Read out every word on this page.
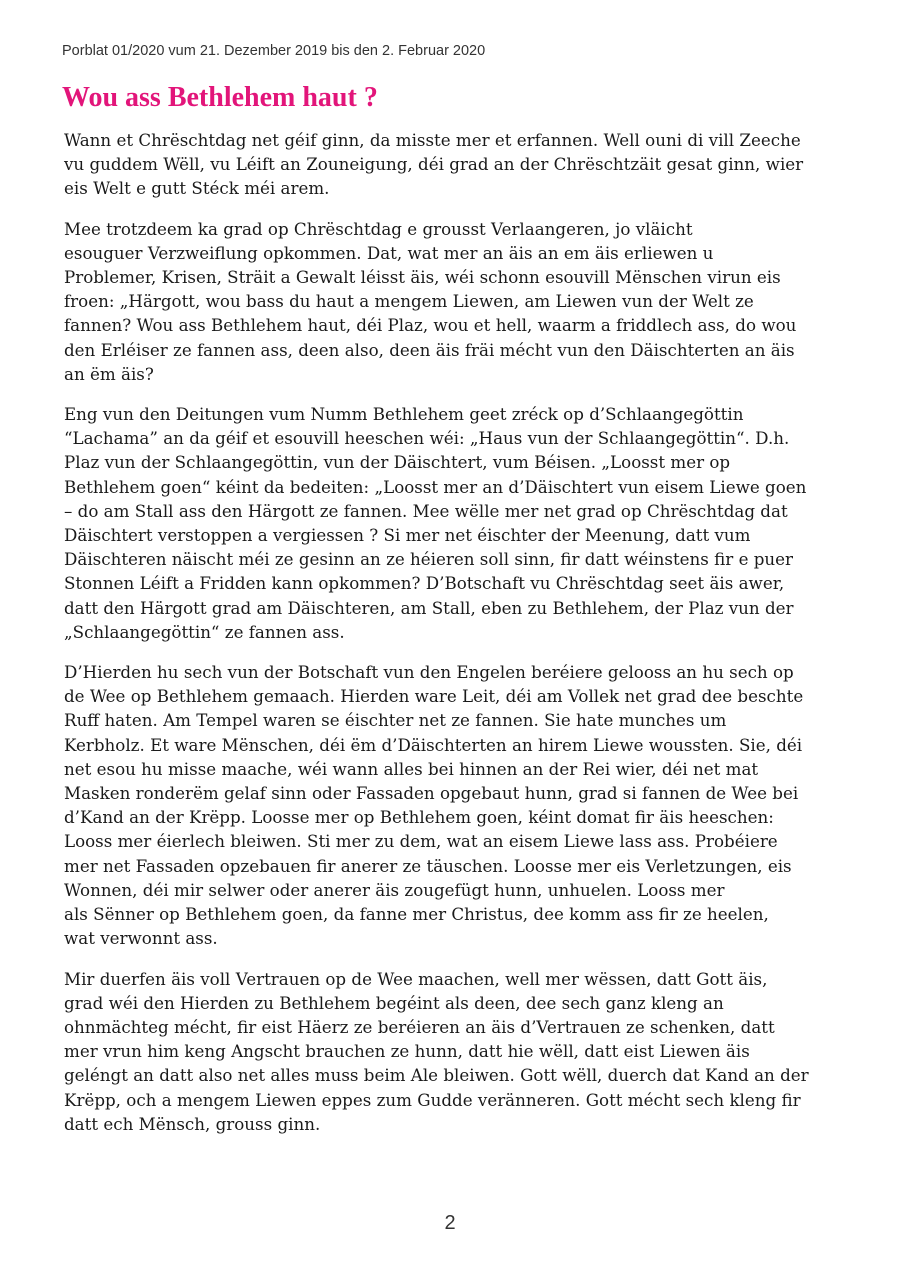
Porblat 01/2020 vum 21. Dezember 2019 bis den 2. Februar 2020
Wou ass Bethlehem haut ?

Wann et Chrëschtdag net géif ginn, da misste mer et erfannen. Well ouni di vill Zeeche
vu guddem Wëll, vu Léift an Zouneigung, déi grad an der Chrëschtzäit gesat ginn, wier
eis Welt e gutt Stéck méi arem.

Mee trotzdeem ka grad op Chrëschtdag e grousst Verlaangeren, jo vläicht
esouguer Verzweiflung opkommen. Dat, wat mer an äis an em äis erliewen u
Problemer, Krisen, Sträit a Gewalt léisst äis, wéi schonn esouvill Mënschen virun eis
froen: „Härgott, wou bass du haut a mengem Liewen, am Liewen vun der Welt ze
fannen? Wou ass Bethlehem haut, déi Plaz, wou et hell, waarm a friddlech ass, do wou
den Erléiser ze fannen ass, deen also, deen äis fräi mécht vun den Däischterten an äis
an ëm äis?

Eng vun den Deitungen vum Numm Bethlehem geet zréck op d’Schlaangegöttin
“Lachama” an da géif et esouvill heeschen wéi: „Haus vun der Schlaangegöttin“. D.h.
Plaz vun der Schlaangegöttin, vun der Däischtert, vum Béisen. „Loosst mer op
Bethlehem goen“ kéint da bedeiten: „Loosst mer an d’Däischtert vun eisem Liewe goen
– do am Stall ass den Härgott ze fannen. Mee wëlle mer net grad op Chrëschtdag dat
Däischtert verstoppen a vergiessen ? Si mer net éischter der Meenung, datt vum
Däischteren näischt méi ze gesinn an ze héieren soll sinn, fir datt wéinstens fir e puer
Stonnen Léift a Fridden kann opkommen? D’Botschaft vu Chrëschtdag seet äis awer,
datt den Härgott grad am Däischteren, am Stall, eben zu Bethlehem, der Plaz vun der
„Schlaangegöttin“ ze fannen ass.

D’Hierden hu sech vun der Botschaft vun den Engelen beréiere gelooss an hu sech op
de Wee op Bethlehem gemaach. Hierden ware Leit, déi am Vollek net grad dee beschte
Ruff haten. Am Tempel waren se éischter net ze fannen. Sie hate munches um
Kerbholz. Et ware Mënschen, déi ëm d’Däischterten an hirem Liewe woussten. Sie, déi
net esou hu misse maache, wéi wann alles bei hinnen an der Rei wier, déi net mat
Masken ronderëm gelaf sinn oder Fassaden opgebaut hunn, grad si fannen de Wee bei
d’Kand an der Krëpp. Loosse mer op Bethlehem goen, kéint domat fir äis heeschen:
Looss mer éierlech bleiwen. Sti mer zu dem, wat an eisem Liewe lass ass. Probéiere
mer net Fassaden opzebauen fir anerer ze täuschen. Loosse mer eis Verletzungen, eis
Wonnen, déi mir selwer oder anerer äis zougefügt hunn, unhuelen. Looss mer
als Sënner op Bethlehem goen, da fanne mer Christus, dee komm ass fir ze heelen,
wat verwonnt ass.

Mir duerfen äis voll Vertrauen op de Wee maachen, well mer wëssen, datt Gott äis,
grad wéi den Hierden zu Bethlehem begéint als deen, dee sech ganz kleng an
ohnmächteg mécht, fir eist Häerz ze beréieren an äis d’Vertrauen ze schenken, datt
mer vrun him keng Angscht brauchen ze hunn, datt hie wëll, datt eist Liewen äis
geléngt an datt also net alles muss beim Ale bleiwen. Gott wëll, duerch dat Kand an der
Krëpp, och a mengem Liewen eppes zum Gudde veränneren. Gott mécht sech kleng fir
datt ech Mënsch, grouss ginn.

2
